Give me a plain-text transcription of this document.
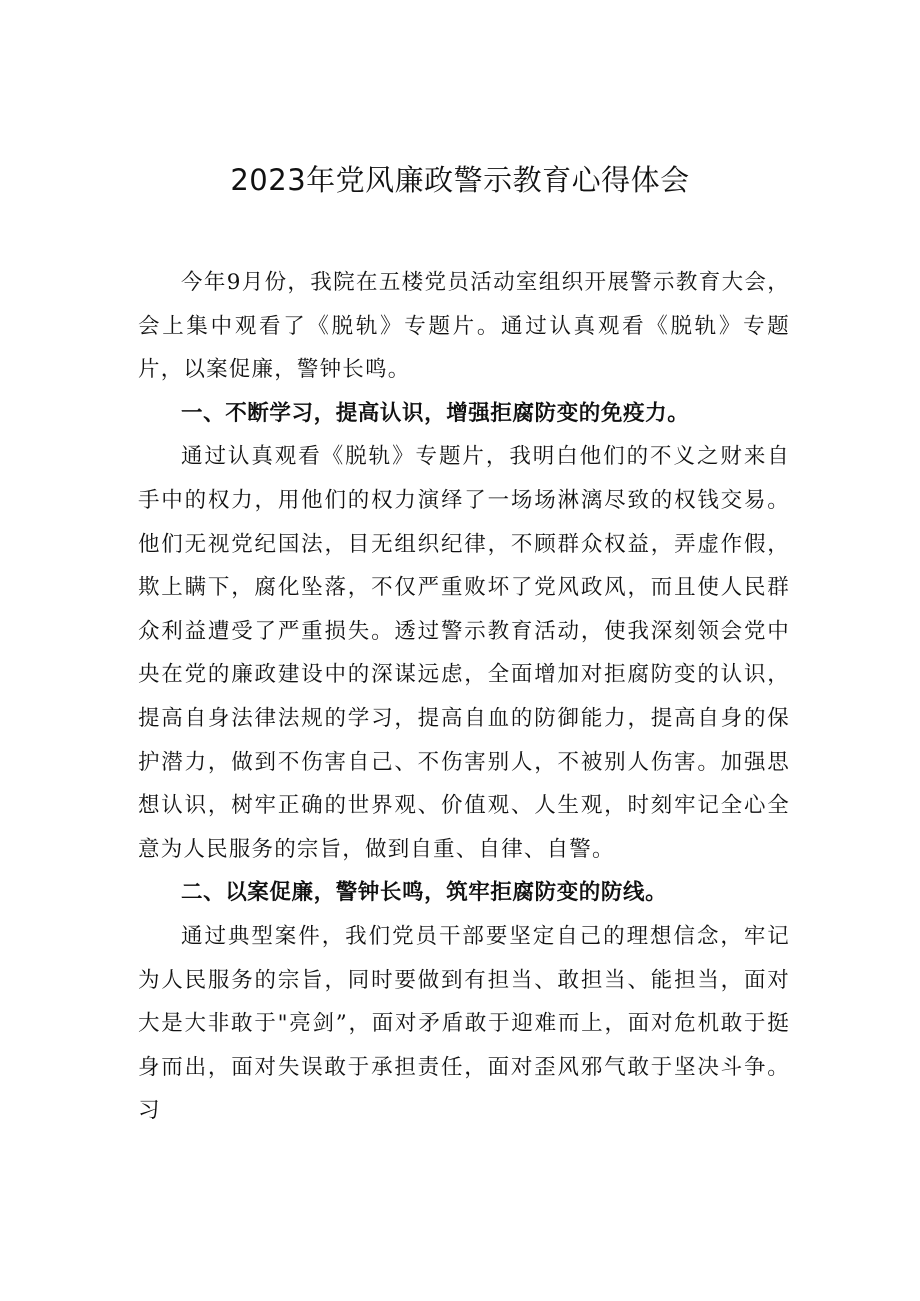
2023年党风廉政警示教育心得体会

今年9月份，我院在五楼党员活动室组织开展警示教育大会，会上集中观看了《脱轨》专题片。通过认真观看《脱轨》专题片，以案促廉，警钟长鸣。

一、不断学习，提高认识，增强拒腐防变的免疫力。

通过认真观看《脱轨》专题片，我明白他们的不义之财来自手中的权力，用他们的权力演绎了一场场淋漓尽致的权钱交易。他们无视党纪国法，目无组织纪律，不顾群众权益，弄虚作假，欺上瞒下，腐化坠落，不仅严重败坏了党风政风，而且使人民群众利益遭受了严重损失。透过警示教育活动，使我深刻领会党中央在党的廉政建设中的深谋远虑，全面增加对拒腐防变的认识，提高自身法律法规的学习，提高自血的防御能力，提高自身的保护潜力，做到不伤害自己、不伤害别人，不被别人伤害。加强思想认识，树牢正确的世界观、价值观、人生观，时刻牢记全心全意为人民服务的宗旨，做到自重、自律、自警。

二、以案促廉，警钟长鸣，筑牢拒腐防变的防线。

通过典型案件，我们党员干部要坚定自己的理想信念，牢记为人民服务的宗旨，同时要做到有担当、敢担当、能担当，面对大是大非敢于"亮剑”，面对矛盾敢于迎难而上，面对危机敢于挺身而出，面对失误敢于承担责任，面对歪风邪气敢于坚决斗争。习
